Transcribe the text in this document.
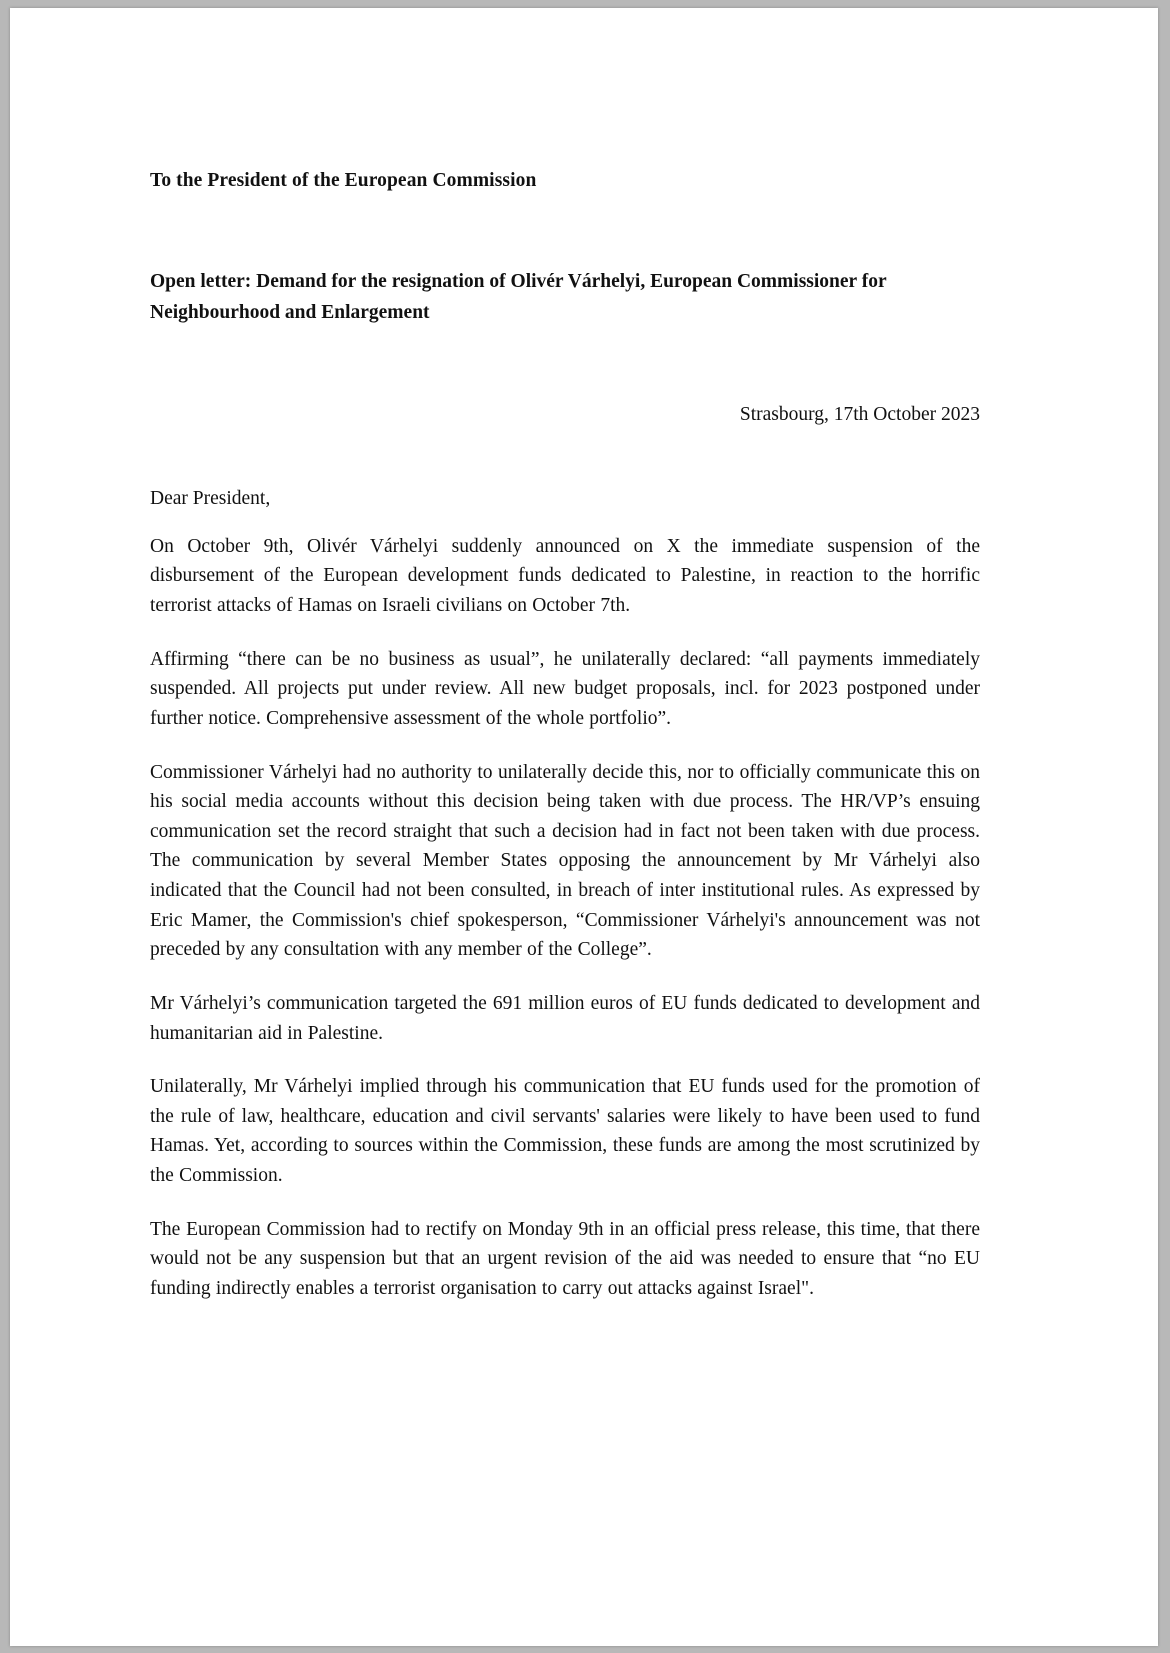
To the President of the European Commission
Open letter: Demand for the resignation of Olivér Várhelyi, European Commissioner for Neighbourhood and Enlargement
Strasbourg, 17th October 2023
Dear President,

On October 9th, Olivér Várhelyi suddenly announced on X the immediate suspension of the disbursement of the European development funds dedicated to Palestine, in reaction to the horrific terrorist attacks of Hamas on Israeli civilians on October 7th.

Affirming “there can be no business as usual”, he unilaterally declared: “all payments immediately suspended. All projects put under review. All new budget proposals, incl. for 2023 postponed under further notice. Comprehensive assessment of the whole portfolio”.

Commissioner Várhelyi had no authority to unilaterally decide this, nor to officially communicate this on his social media accounts without this decision being taken with due process. The HR/VP’s ensuing communication set the record straight that such a decision had in fact not been taken with due process. The communication by several Member States opposing the announcement by Mr Várhelyi also indicated that the Council had not been consulted, in breach of inter institutional rules. As expressed by Eric Mamer, the Commission's chief spokesperson, “Commissioner Várhelyi's announcement was not preceded by any consultation with any member of the College”.

Mr Várhelyi’s communication targeted the 691 million euros of EU funds dedicated to development and humanitarian aid in Palestine.

Unilaterally, Mr Várhelyi implied through his communication that EU funds used for the promotion of the rule of law, healthcare, education and civil servants' salaries were likely to have been used to fund Hamas. Yet, according to sources within the Commission, these funds are among the most scrutinized by the Commission.

The European Commission had to rectify on Monday 9th in an official press release, this time, that there would not be any suspension but that an urgent revision of the aid was needed to ensure that “no EU funding indirectly enables a terrorist organisation to carry out attacks against Israel".
